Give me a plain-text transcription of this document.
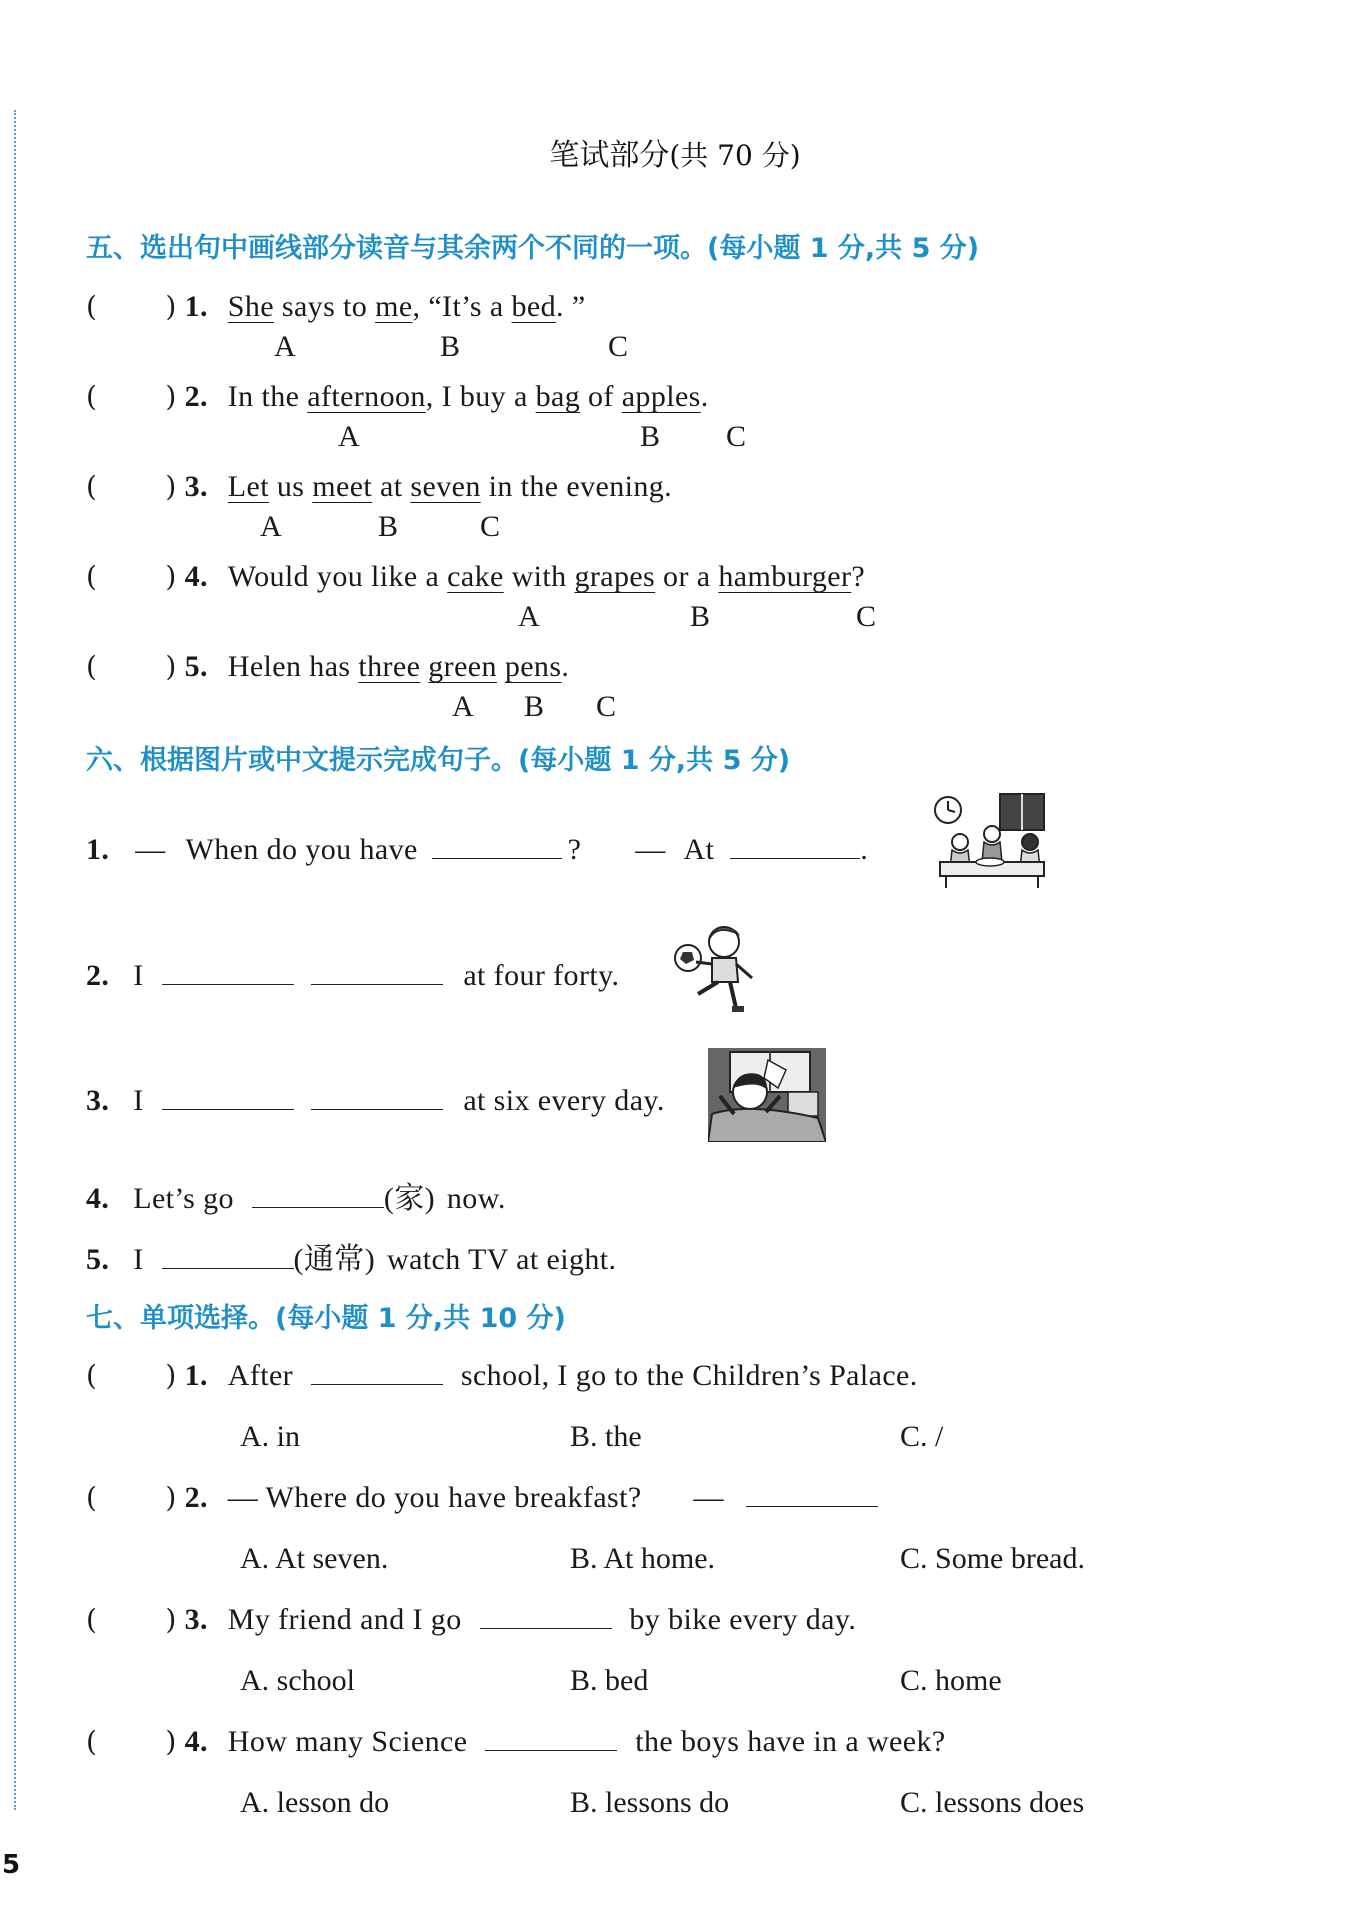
笔试部分(共 70 分)
五、选出句中画线部分读音与其余两个不同的一项。(每小题 1 分,共 5 分)
( ) 1. She says to me, “It’s a bed. ”
A	B	C
( ) 2. In the afternoon, I buy a bag of apples.
A	B C
( ) 3. Let us meet at seven in the evening.
A	B	C
( ) 4. Would you like a cake with grapes or a hamburger?
A	B	C
( ) 5. Helen has three green pens.
A B C
六、根据图片或中文提示完成句子。(每小题 1 分,共 5 分)
1. — When do you have	? — At	.
2. I	at four forty.
3. I	at six every day.
4. Let’s go	(家) now.
5. I	(通常) watch TV at eight.
七、单项选择。(每小题 1 分,共 10 分)
( ) 1. After	school, I go to the Children’s Palace.
A. in	B. the	C. /
( ) 2. — Where do you have breakfast? —
A. At seven.	B. At home.	C. Some bread.
( ) 3. My friend and I go	by bike every day.
A. school	B. bed	C. home
( ) 4. How many Science	the boys have in a week?
A. lesson do	B. lessons do	C. lessons does
5
